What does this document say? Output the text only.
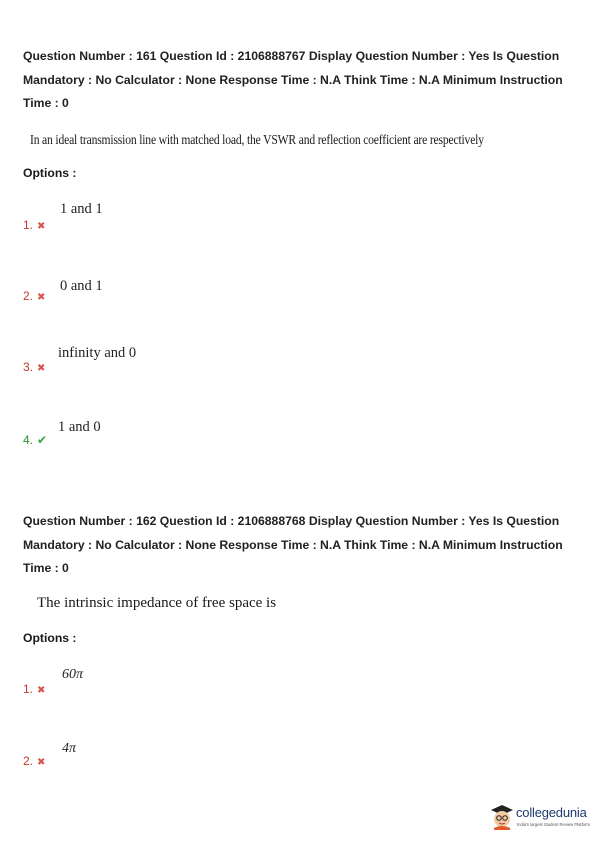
Question Number : 161 Question Id : 2106888767 Display Question Number : Yes Is Question
Mandatory : No Calculator : None Response Time : N.A Think Time : N.A Minimum Instruction
Time : 0
In an ideal transmission line with matched load, the VSWR and reflection coefficient are respectively
Options :
1 and 1
1. ✖
0 and 1
2. ✖
infinity and 0
3. ✖
1 and 0
4. ✔
Question Number : 162 Question Id : 2106888768 Display Question Number : Yes Is Question
Mandatory : No Calculator : None Response Time : N.A Think Time : N.A Minimum Instruction
Time : 0
The intrinsic impedance of free space is
Options :
60π
1. ✖
4π
2. ✖
collegedunia
India's largest Student Review Platform
